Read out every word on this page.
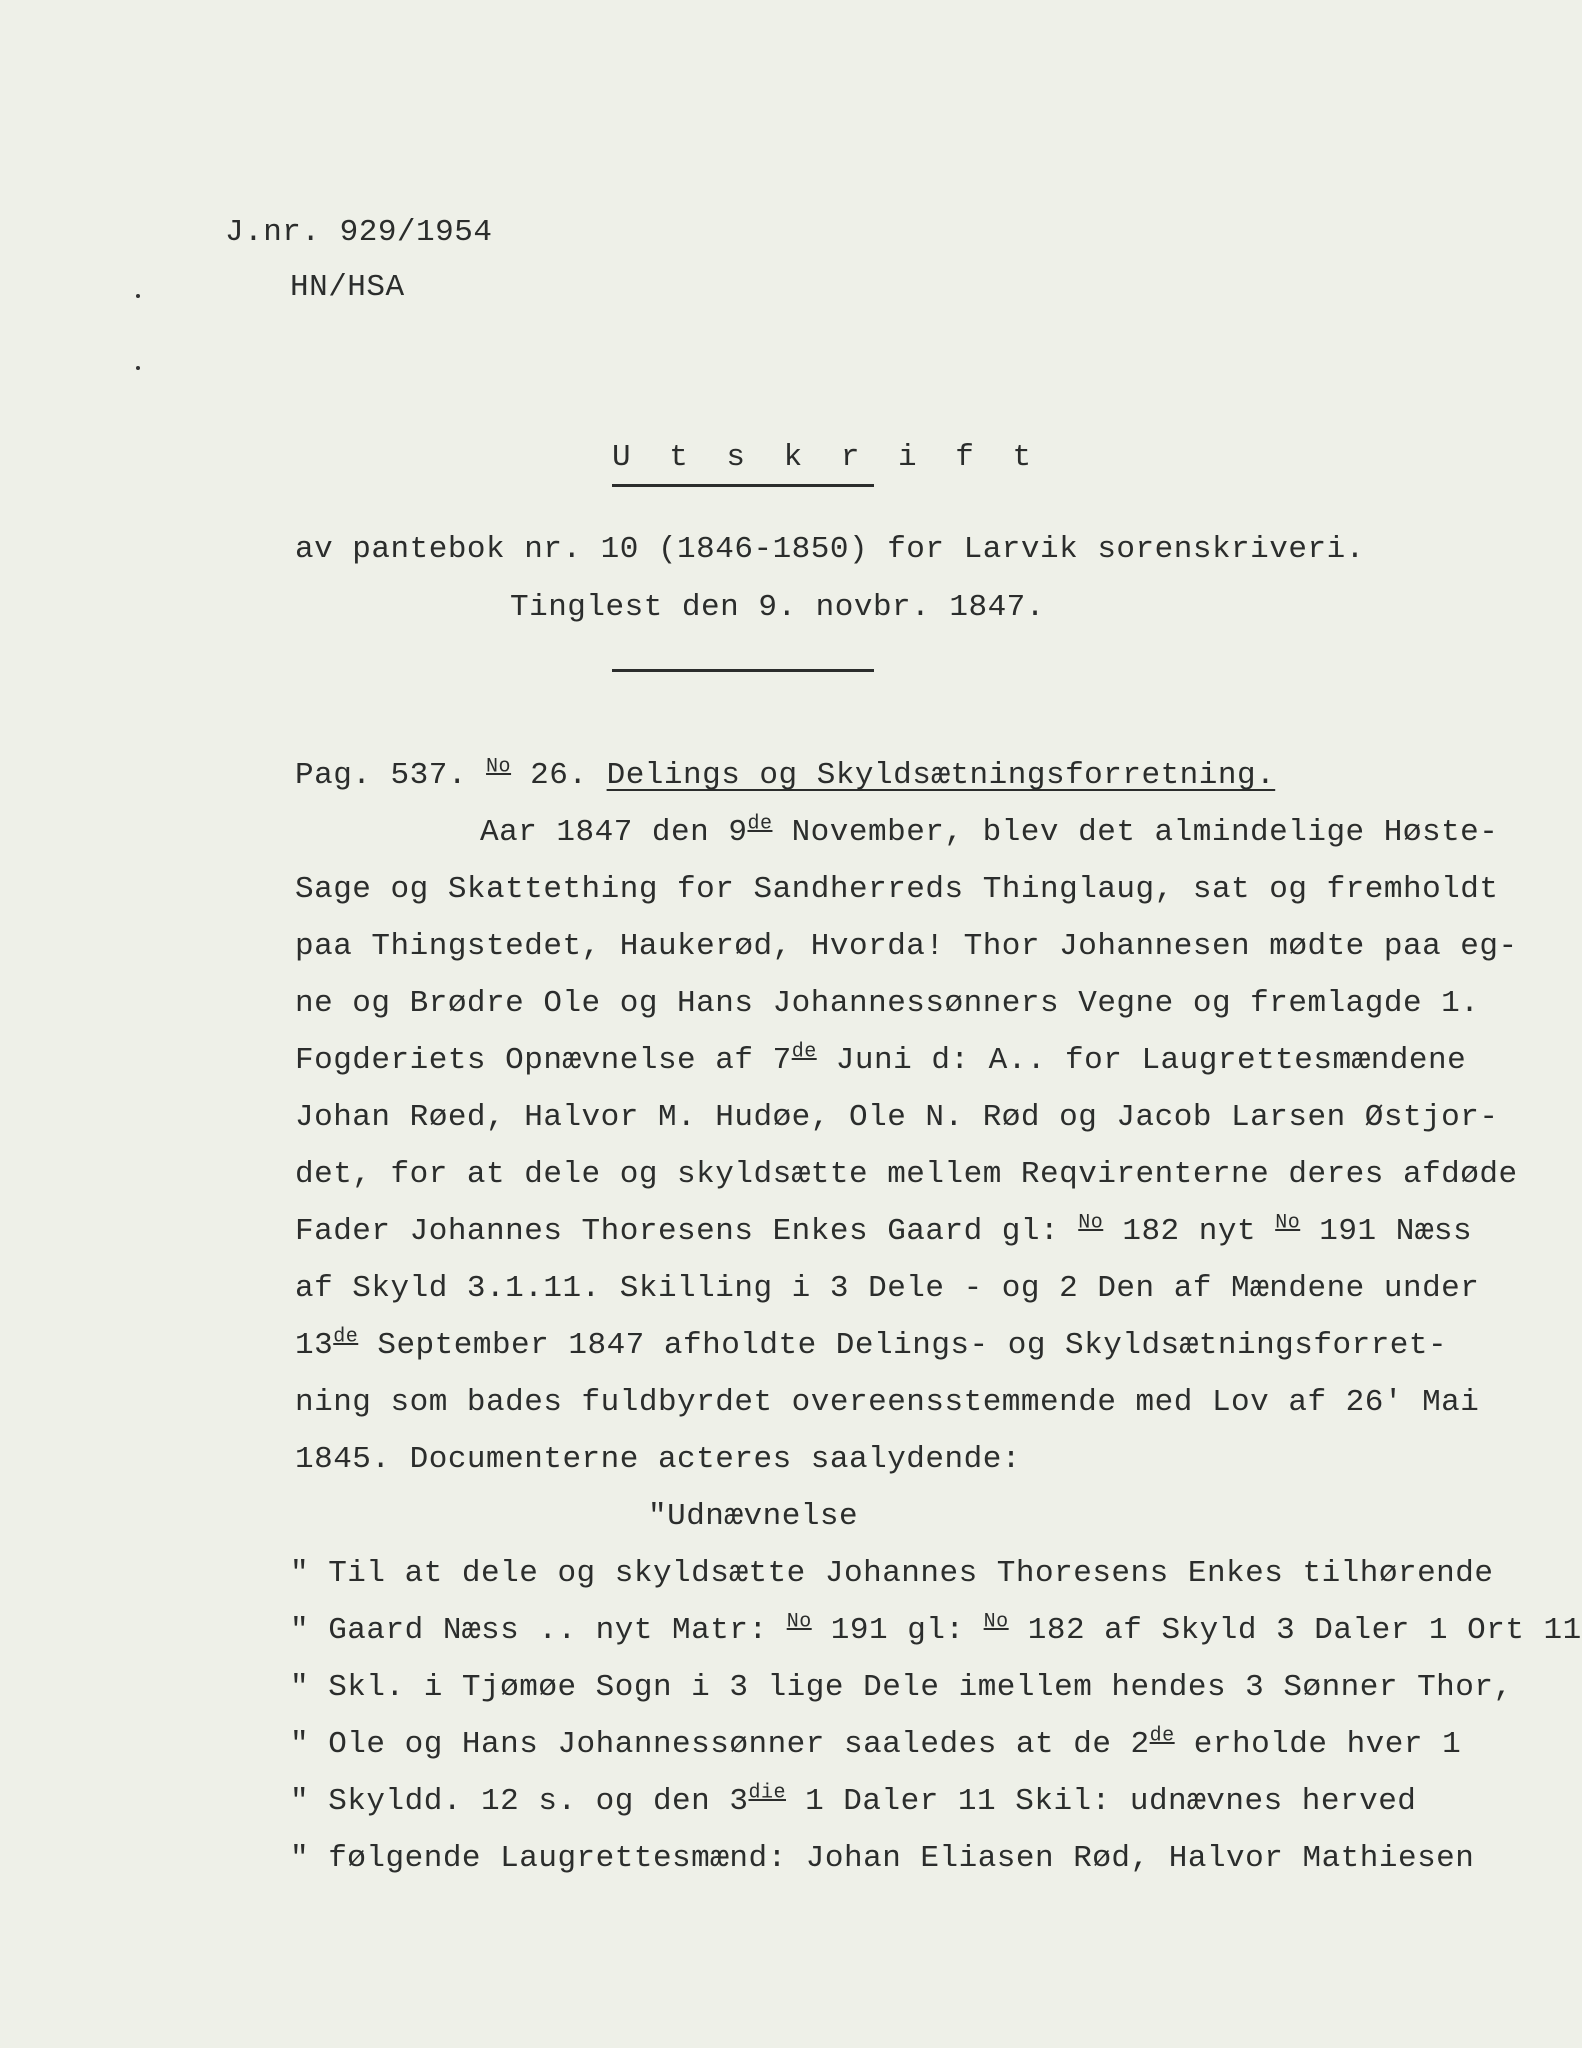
J.nr. 929/1954
HN/HSA
U t s k r i f t
av pantebok nr. 10 (1846-1850) for Larvik sorenskriveri.
Tinglest den 9. novbr. 1847.
Pag. 537. $^{No}$ 26. Delings og Skyldsætningsforretning.
Aar 1847 den 9de November, blev det almindelige Høste-
Sage og Skattething for Sandherreds Thinglaug, sat og fremholdt
paa Thingstedet, Haukerød, Hvorda! Thor Johannesen mødte paa eg-
ne og Brødre Ole og Hans Johannessønners Vegne og fremlagde 1.
Fogderiets Opnævnelse af 7de Juni d: A.. for Laugrettesmændene
Johan Røed, Halvor M. Hudøe, Ole N. Rød og Jacob Larsen Østjor-
det, for at dele og skyldsætte mellem Reqvirenterne deres afdøde
Fader Johannes Thoresens Enkes Gaard gl: $^{No}$ 182 nyt $^{No}$ 191 Næss
af Skyld 3.1.11. Skilling i 3 Dele - og 2 Den af Mændene under
13de September 1847 afholdte Delings- og Skyldsætningsforret-
ning som bades fuldbyrdet overeensstemmende med Lov af 26' Mai
1845. Documenterne acteres saalydende:
"Udnævnelse
" Til at dele og skyldsætte Johannes Thoresens Enkes tilhørende
" Gaard Næss .. nyt Matr: $^{No}$ 191 gl: $^{No}$ 182 af Skyld 3 Daler 1 Ort 11
" Skl. i Tjømøe Sogn i 3 lige Dele imellem hendes 3 Sønner Thor,
" Ole og Hans Johannessønner saaledes at de 2de erholde hver 1
" Skyldd. 12 s. og den $3^{die}$ 1 Daler 11 Skil: udnævnes herved
" følgende Laugrettesmænd: Johan Eliasen Rød, Halvor Mathiesen
